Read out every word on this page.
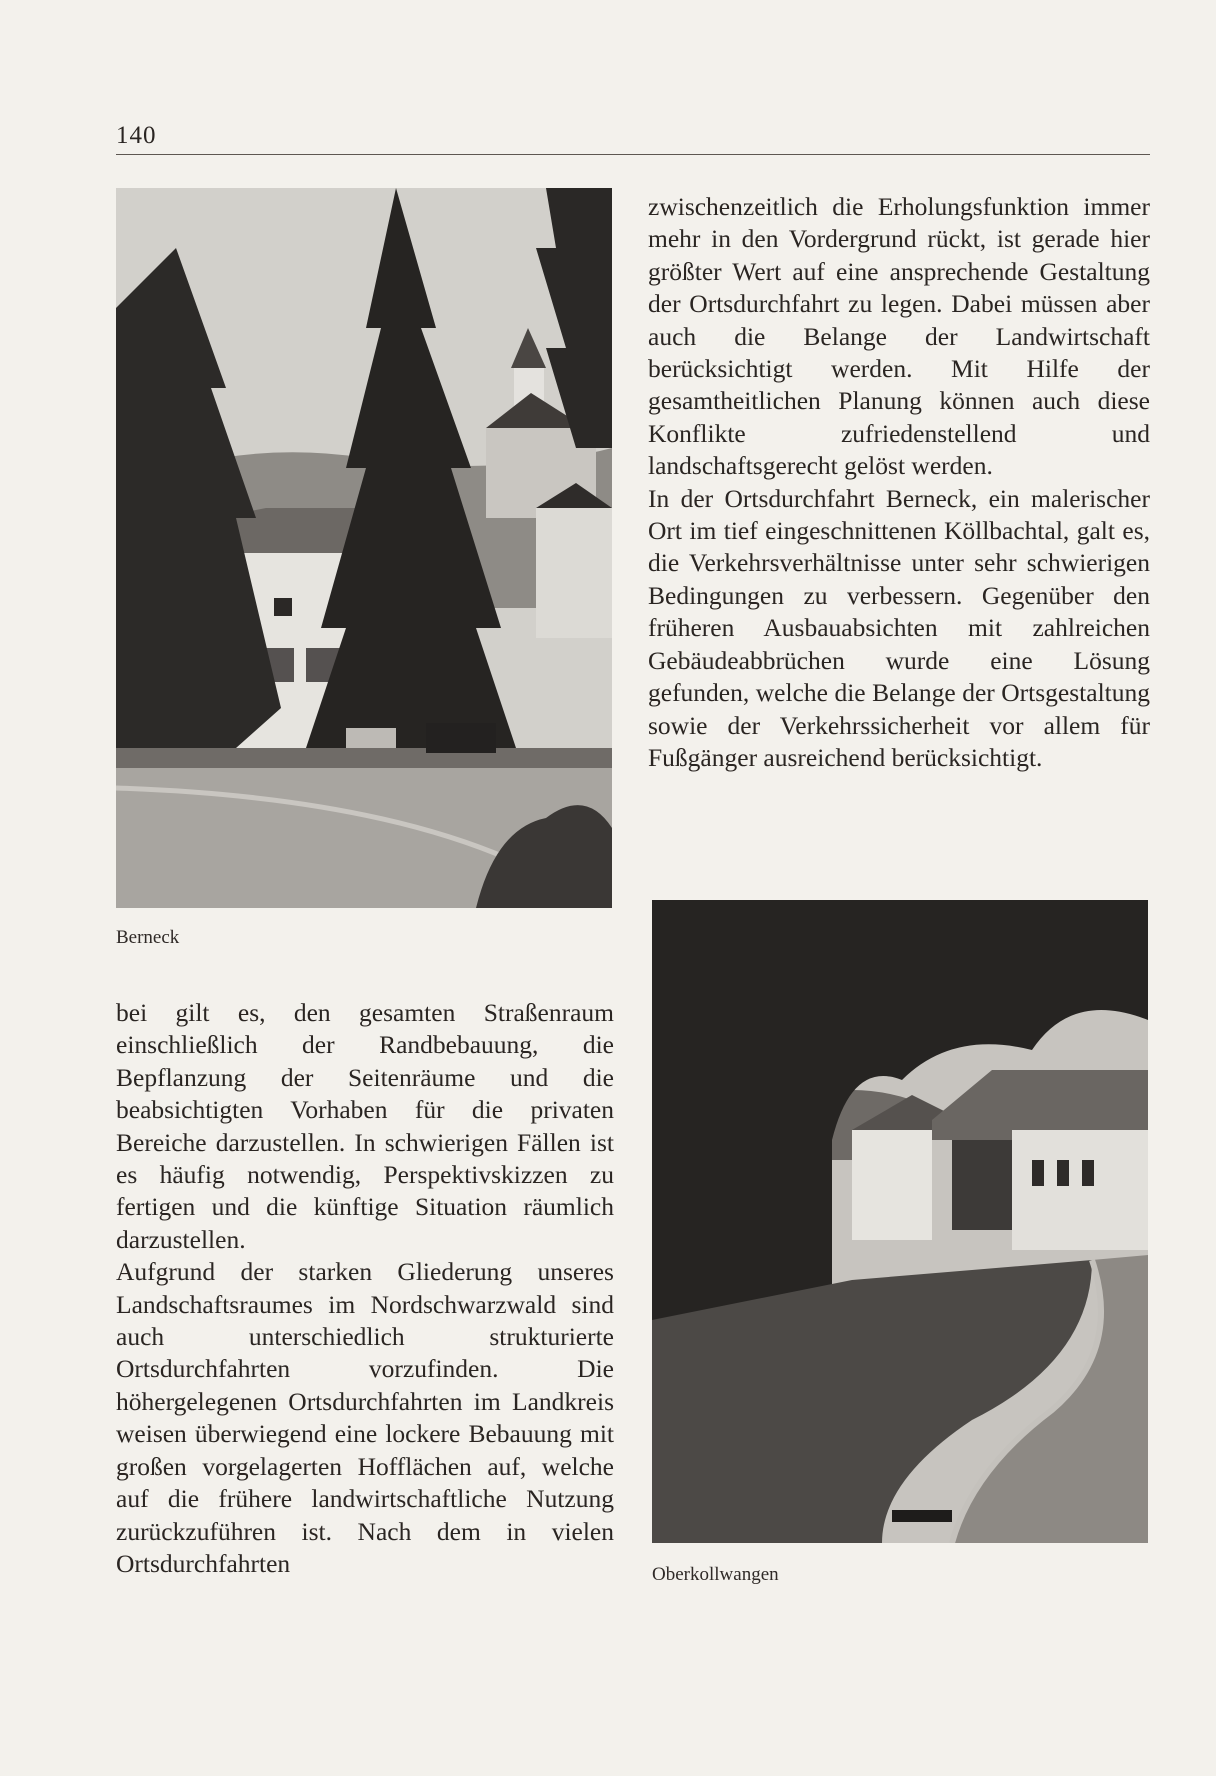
140
Berneck

zwischenzeitlich die Erholungsfunktion immer mehr in den Vordergrund rückt, ist gerade hier größter Wert auf eine ansprechende Gestaltung der Ortsdurchfahrt zu legen. Dabei müssen aber auch die Belange der Landwirtschaft berücksichtigt werden. Mit Hilfe der gesamtheitlichen Planung können auch diese Konflikte zufriedenstellend und landschaftsgerecht gelöst werden.

In der Ortsdurchfahrt Berneck, ein malerischer Ort im tief eingeschnittenen Köllbachtal, galt es, die Verkehrsverhältnisse unter sehr schwierigen Bedingungen zu verbessern. Gegenüber den früheren Ausbauabsichten mit zahlreichen Gebäudeabbrüchen wurde eine Lösung gefunden, welche die Belange der Ortsgestaltung sowie der Verkehrssicherheit vor allem für Fußgänger ausreichend berücksichtigt.

Oberkollwangen

bei gilt es, den gesamten Straßenraum einschließlich der Randbebauung, die Bepflanzung der Seitenräume und die beabsichtigten Vorhaben für die privaten Bereiche darzustellen. In schwierigen Fällen ist es häufig notwendig, Perspektivskizzen zu fertigen und die künftige Situation räumlich darzustellen.

Aufgrund der starken Gliederung unseres Landschaftsraumes im Nordschwarzwald sind auch unterschiedlich strukturierte Ortsdurchfahrten vorzufinden. Die höhergelegenen Ortsdurchfahrten im Landkreis weisen überwiegend eine lockere Bebauung mit großen vorgelagerten Hofflächen auf, welche auf die frühere landwirtschaftliche Nutzung zurückzuführen ist. Nach dem in vielen Ortsdurchfahrten
